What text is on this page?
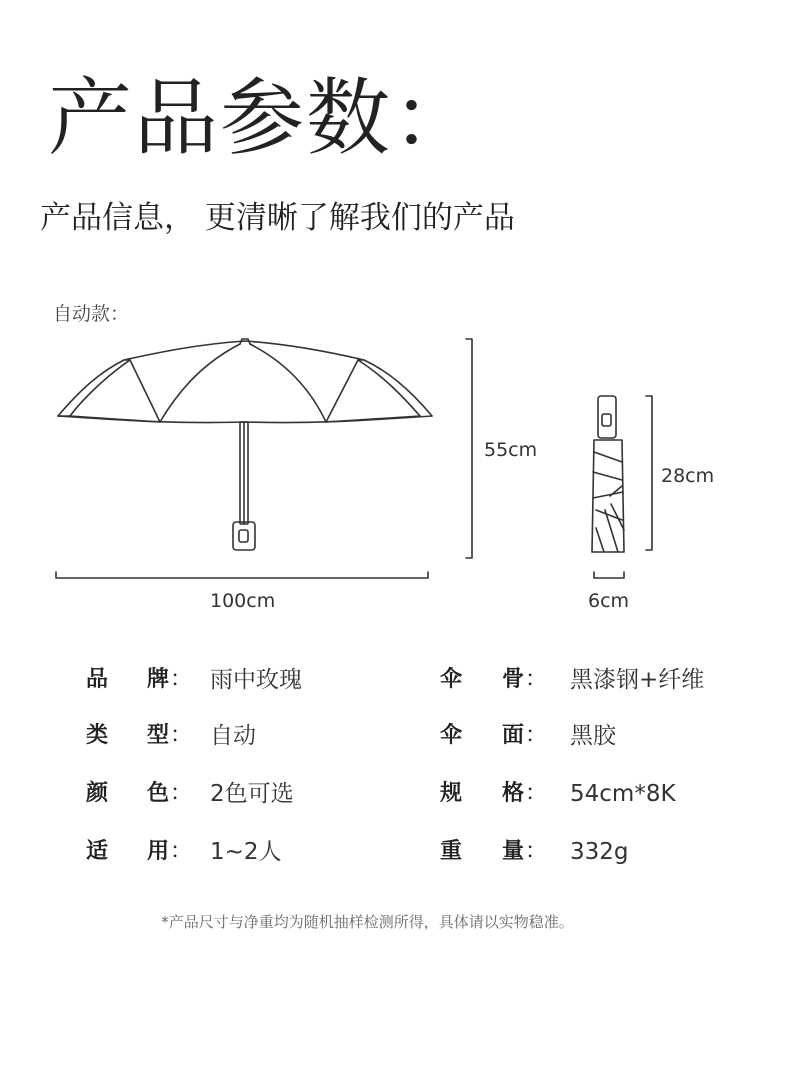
产品参数：
产品信息， 更清晰了解我们的产品
自动款：
55cm
100cm
28cm
6cm
品 牌 ： 雨中玫瑰
类 型 ： 自动
颜 色 ： 2色可选
适 用 ： 1~2人
伞 骨 ： 黑漆钢+纤维
伞 面 ： 黑胶
规 格 ： 54cm*8K
重 量 ： 332g
*产品尺寸与净重均为随机抽样检测所得，具体请以实物稳准。
